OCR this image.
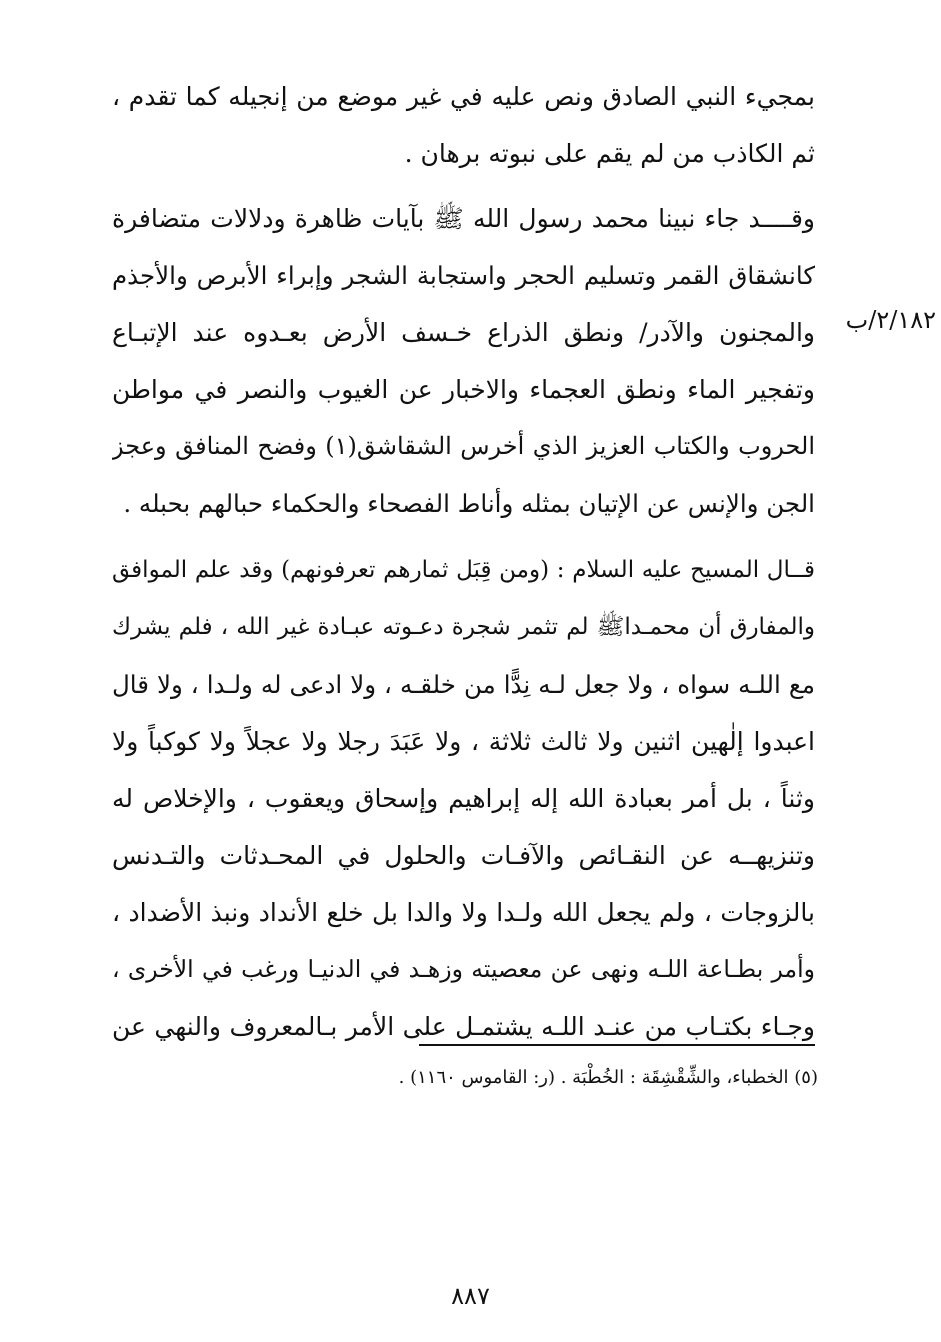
بمجيء النبي الصادق ونص عليه في غير موضع من إنجيله كما تقدم ،
ثم الكاذب من لم يقم على نبوته برهان .
وقــــد جاء نبينا محمد رسول الله ﷺ بآيات ظاهرة ودلالات متضافرة
كانشقاق القمر وتسليم الحجر واستجابة الشجر وإبراء الأبرص والأجذم
والمجنون والآدر/ ونطق الذراع خـسف الأرض بعـدوه عند الإتبـاع
وتفجير الماء ونطق العجماء والاخبار عن الغيوب والنصر في مواطن
الحروب والكتاب العزيز الذي أخرس الشقاشق(١) وفضح المنافق وعجز
الجن والإنس عن الإتيان بمثله وأناط الفصحاء والحكماء حبالهم بحبله .
قــال المسيح عليه السلام : (ومن قِبَل ثمارهم تعرفونهم) وقد علم الموافق
والمفارق أن محمـداﷺ لم تثمر شجرة دعـوته عبـادة غير الله ، فلم يشرك
مع اللـه سواه ، ولا جعل لـه نِدًّا من خلقـه ، ولا ادعى له ولـدا ، ولا قال
اعبدوا إلٰهين اثنين ولا ثالث ثلاثة ، ولا عَبَدَ رجلا ولا عجلاً ولا كوكباً ولا
وثناً ، بل أمر بعبادة الله إله إبراهيم وإسحاق ويعقوب ، والإخلاص له
وتنزيهــه عن النقـائص والآفـات والحلول في المحـدثات والتـدنس
بالزوجات ، ولم يجعل الله ولـدا ولا والدا بل خلع الأنداد ونبذ الأضداد ،
وأمر بطـاعة اللـه ونهى عن معصيته وزهـد في الدنيـا ورغب في الأخرى ،
وجـاء بكتـاب من عنـد اللـه يشتمـل على الأمر بـالمعروف والنهي عن
٢/١٨٢/ب
(٥) الخطباء، والشِّقْشِقَة : الخُطْبَة . (ر: القاموس ١١٦٠) .
٨٨٧
